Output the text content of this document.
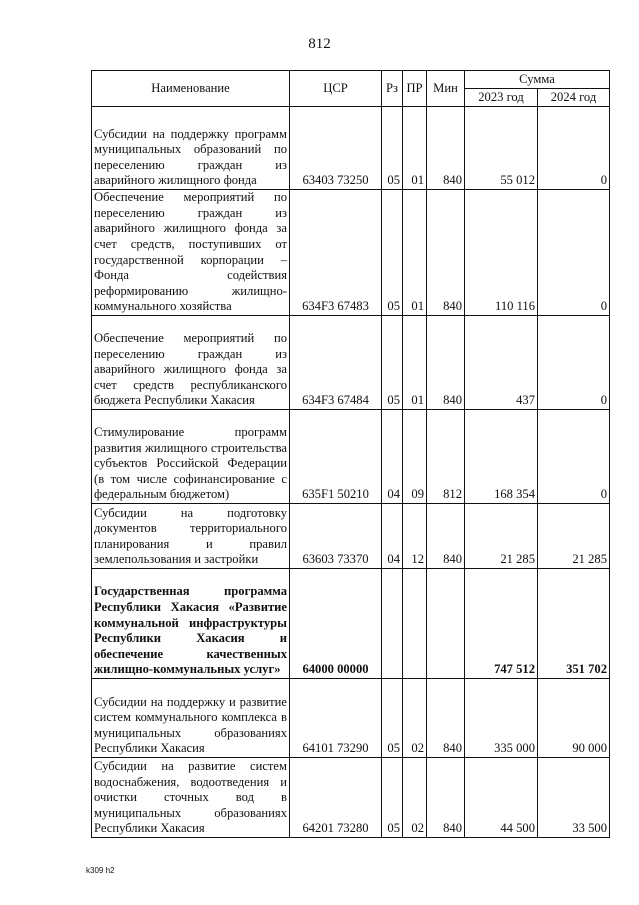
812
Наименование	ЦСР	Рз	ПР	Мин	Сумма	
					2023 год	2024 год
Субсидии на поддержку программ муниципальных образований по переселению граждан из аварийного жилищного фонда	63403 73250	05	01	840	55 012	0
Обеспечение мероприятий по переселению граждан из аварийного жилищного фонда за счет средств, поступивших от государственной корпорации – Фонда содействия реформированию жилищно-коммунального хозяйства	634F3 67483	05	01	840	110 116	0
Обеспечение мероприятий по переселению граждан из аварийного жилищного фонда за счет средств республиканского бюджета Республики Хакасия	634F3 67484	05	01	840	437	0
Стимулирование программ развития жилищного строительства субъектов Российской Федерации (в том числе софинансирование с федеральным бюджетом)	635F1 50210	04	09	812	168 354	0
Субсидии на подготовку документов территориального планирования и правил землепользования и застройки	63603 73370	04	12	840	21 285	21 285
Государственная программа Республики Хакасия «Развитие коммунальной инфраструктуры Республики Хакасия и обеспечение качественных жилищно-коммунальных услуг»	64000 00000				747 512	351 702
Субсидии на поддержку и развитие систем коммунального комплекса в муниципальных образованиях Республики Хакасия	64101 73290	05	02	840	335 000	90 000
Субсидии на развитие систем водоснабжения, водоотведения и очистки сточных вод в муниципальных образованиях Республики Хакасия	64201 73280	05	02	840	44 500	33 500
k309 h2
